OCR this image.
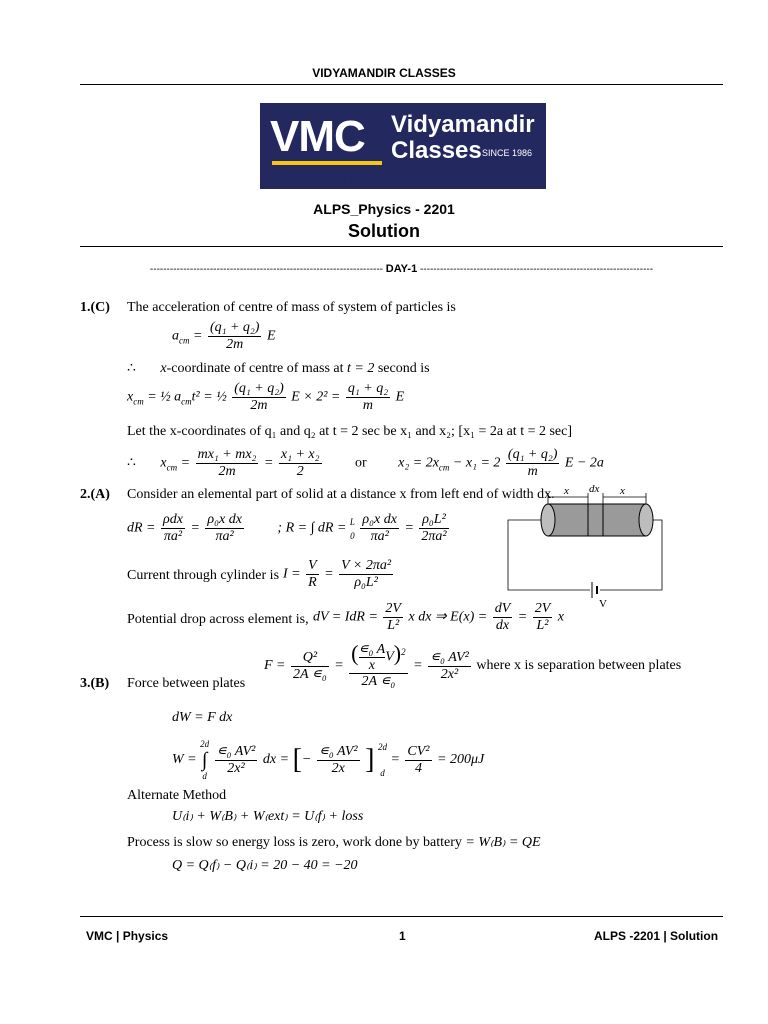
VIDYAMANDIR CLASSES
VMC Vidyamandir
Classes SINCE 1986
IIT JEE | MEDICAL | FOUNDATION
ALPS_Physics - 2201
Solution
---------------------------------------------------------------------- DAY-1 ----------------------------------------------------------------------
1.(C) The acceleration of centre of mass of system of particles is
$a_{cm} = \frac{\text{(q₁ + q₂)}}{2m}$ E
∴ x-coordinate of centre of mass at t = 2 second is
$x_{cm}$ = ½ $a_{cm}t^2$ = ½ $\frac{\text{(q₁ + q₂)}}{2m}$ $E \times 2^2 = \frac{\text{q₁ + q₂}}{m}$ E
Let the x-coordinates of q₁ and q₂ at t = 2 sec be x₁ and x₂; [x₁ = 2a at t = 2 sec]
∴ $x_{cm} = \frac{\text{mx₁ + mx₂}}{2m} = \frac{\text{x₁ + x₂}}{2}$ or $x_2 = 2x_{cm} - x_1 = 2 \frac{\text{(q₁ + q₂)}}{m}$ E − 2a
2.(A) Consider an elemental part of solid at a distance x from left end of width dx.
dR = $\frac{\text{ρdx}}{\text{πa²}} = \frac{\text{ρ₀x dx}}{\text{πa²}}$ ; R = ∫ dR = L
$0 \frac{\text{ρ₀x dx}}{\text{πa²}} = \frac{\text{ρ₀L²}}{\text{2πa²}}$
Current through cylinder is $I = \frac{V}{R} = \frac{\text{V × 2πa²}}{\text{ρ₀L²}}$
Potential drop across element is, dV = IdR = $\frac{2V}{\text{L²}}$ x dx ⇒ $E(x) = \frac{dV}{dx} = \frac{2V}{\text{L²}}$ x
x dx x
V
3.(B) Force between plates
$F = \frac{\text{Q²}}{\text{2A ∊₀}} = \frac{( \frac{\text{∊₀ A}}{x} V)^2}{\text{2A ∊₀}} = \frac{\text{∊₀ AV²}}{\text{2x²}}$ where x is separation between plates
dW = F dx
W = 2d
∫
d $\frac{\text{∊₀ AV²}}{\text{2x²}}$ dx = [− $\frac{\text{∊₀ AV²}}{2x}$ ] 2d
$d = \frac{\text{CV²}}{4} = 200\mu J$
Alternate Method
U₍i₎ + W₍B₎ + W₍ext₎ = U₍f₎ + loss
Process is slow so energy loss is zero, work done by battery = W₍B₎ = QE
Q = Q₍f₎ − Q₍i₎ = 20 − 40 = −20
VMC | Physics	1	ALPS -2201 | Solution
